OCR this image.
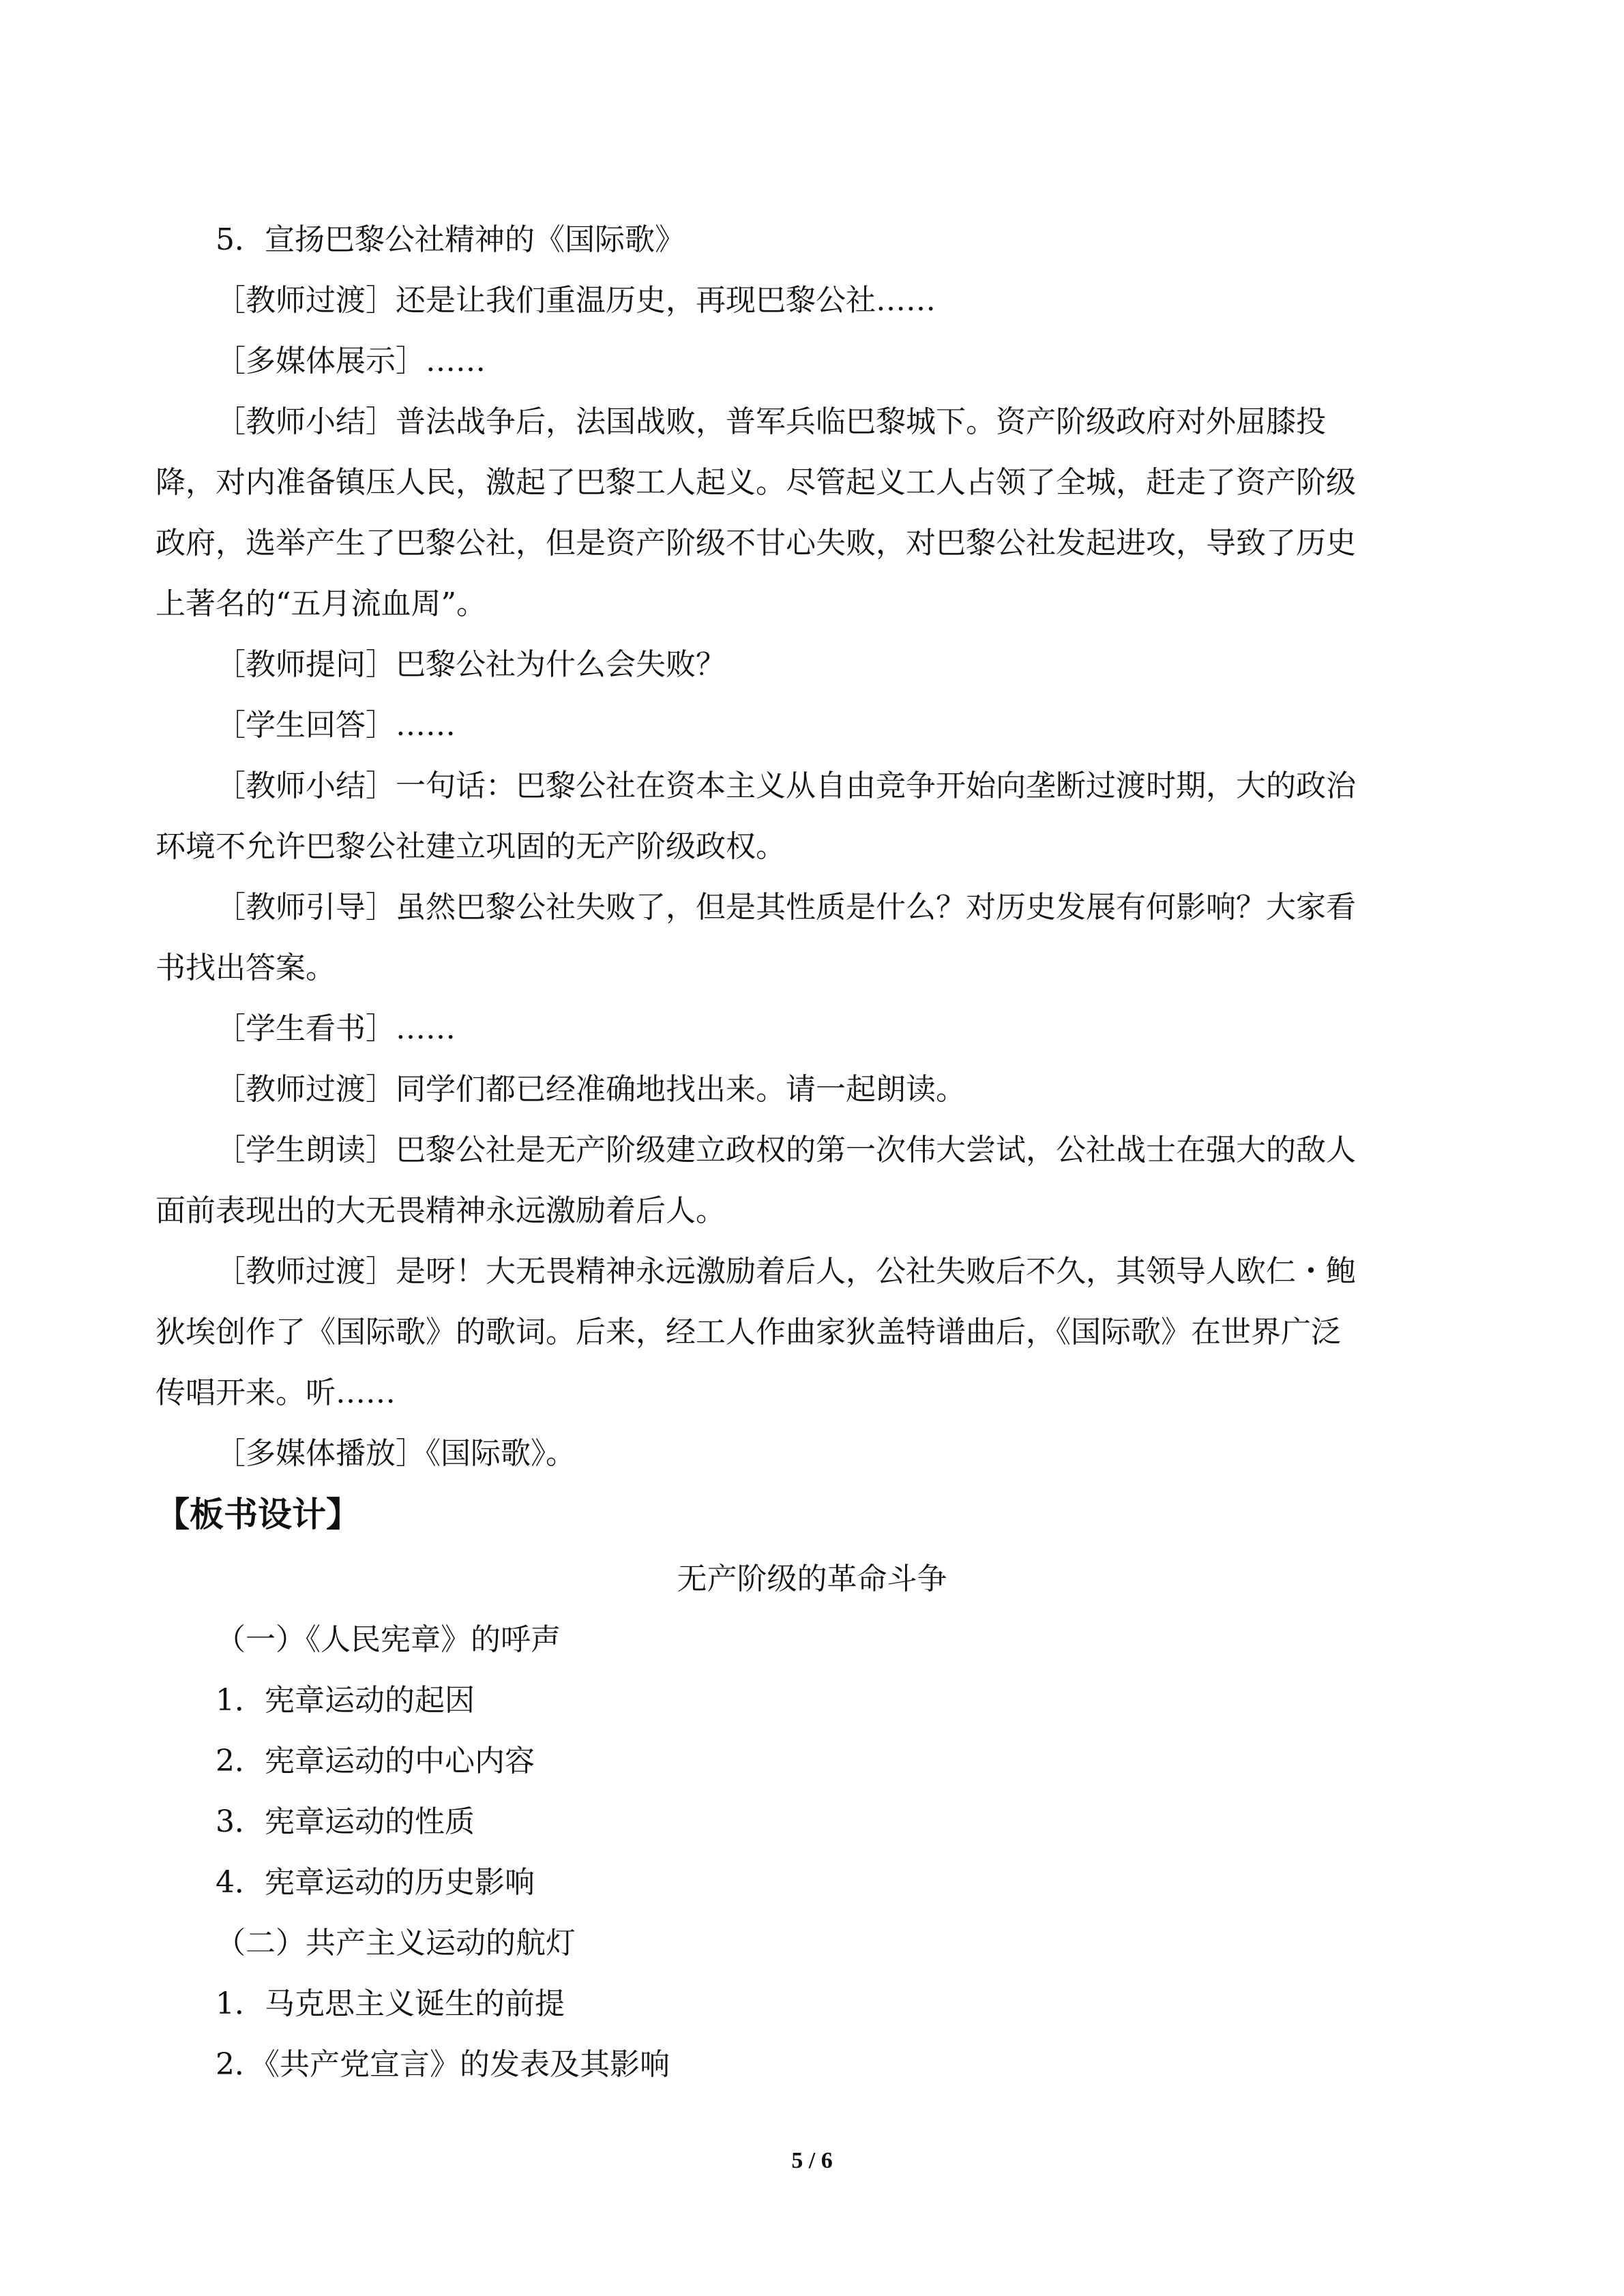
5．宣扬巴黎公社精神的《国际歌》
［教师过渡］还是让我们重温历史，再现巴黎公社……
［多媒体展示］……
［教师小结］普法战争后，法国战败，普军兵临巴黎城下。资产阶级政府对外屈膝投
降，对内准备镇压人民，激起了巴黎工人起义。尽管起义工人占领了全城，赶走了资产阶级
政府，选举产生了巴黎公社，但是资产阶级不甘心失败，对巴黎公社发起进攻，导致了历史
上著名的“五月流血周”。
［教师提问］巴黎公社为什么会失败？
［学生回答］……
［教师小结］一句话：巴黎公社在资本主义从自由竞争开始向垄断过渡时期，大的政治
环境不允许巴黎公社建立巩固的无产阶级政权。
［教师引导］虽然巴黎公社失败了，但是其性质是什么？对历史发展有何影响？大家看
书找出答案。
［学生看书］……
［教师过渡］同学们都已经准确地找出来。请一起朗读。
［学生朗读］巴黎公社是无产阶级建立政权的第一次伟大尝试，公社战士在强大的敌人
面前表现出的大无畏精神永远激励着后人。
［教师过渡］是呀！大无畏精神永远激励着后人，公社失败后不久，其领导人欧仁・鲍
狄埃创作了《国际歌》的歌词。后来，经工人作曲家狄盖特谱曲后，《国际歌》在世界广泛
传唱开来。听……
［多媒体播放］《国际歌》。
【板书设计】
无产阶级的革命斗争
（一）《人民宪章》的呼声
1．宪章运动的起因
2．宪章运动的中心内容
3．宪章运动的性质
4．宪章运动的历史影响
（二）共产主义运动的航灯
1．马克思主义诞生的前提
2．《共产党宣言》的发表及其影响
5 / 6
